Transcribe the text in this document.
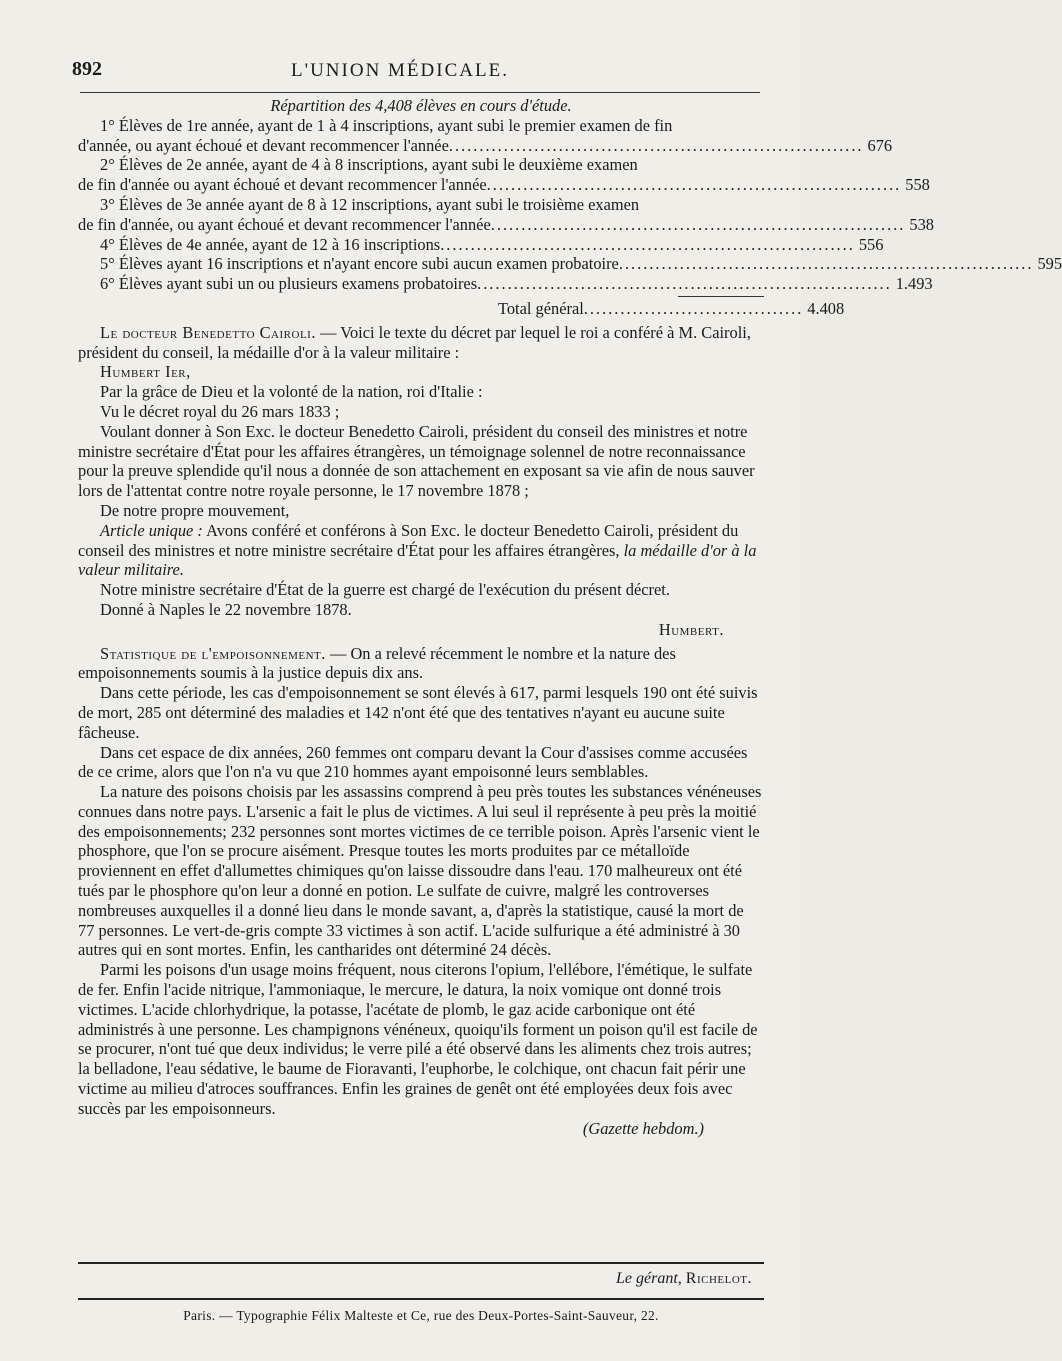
892	L'UNION MÉDICALE.

Répartition des 4,408 élèves en cours d'étude.

1° Élèves de 1re année, ayant de 1 à 4 inscriptions, ayant subi le premier examen de fin

d'année, ou ayant échoué et devant recommencer l'année .................................................................... 676

2° Élèves de 2e année, ayant de 4 à 8 inscriptions, ayant subi le deuxième examen

de fin d'année ou ayant échoué et devant recommencer l'année .................................................................... 558

3° Élèves de 3e année ayant de 8 à 12 inscriptions, ayant subi le troisième examen

de fin d'année, ou ayant échoué et devant recommencer l'année .................................................................... 538
4° Élèves de 4e année, ayant de 12 à 16 inscriptions .................................................................... 556
5° Élèves ayant 16 inscriptions et n'ayant encore subi aucun examen probatoire .................................................................... 595
6° Élèves ayant subi un ou plusieurs examens probatoires .................................................................... 1.493
Total général .................................... 4.408

Le docteur Benedetto Cairoli. — Voici le texte du décret par lequel le roi a conféré à M. Cairoli, président du conseil, la médaille d'or à la valeur militaire :

Humbert Ier,

Par la grâce de Dieu et la volonté de la nation, roi d'Italie :

Vu le décret royal du 26 mars 1833 ;

Voulant donner à Son Exc. le docteur Benedetto Cairoli, président du conseil des ministres et notre ministre secrétaire d'État pour les affaires étrangères, un témoignage solennel de notre reconnaissance pour la preuve splendide qu'il nous a donnée de son attachement en exposant sa vie afin de nous sauver lors de l'attentat contre notre royale personne, le 17 novembre 1878 ;

De notre propre mouvement,

Article unique : Avons conféré et conférons à Son Exc. le docteur Benedetto Cairoli, président du conseil des ministres et notre ministre secrétaire d'État pour les affaires étrangères, la médaille d'or à la valeur militaire.

Notre ministre secrétaire d'État de la guerre est chargé de l'exécution du présent décret.

Donné à Naples le 22 novembre 1878.

Humbert.

Statistique de l'empoisonnement. — On a relevé récemment le nombre et la nature des empoisonnements soumis à la justice depuis dix ans.

Dans cette période, les cas d'empoisonnement se sont élevés à 617, parmi lesquels 190 ont été suivis de mort, 285 ont déterminé des maladies et 142 n'ont été que des tentatives n'ayant eu aucune suite fâcheuse.

Dans cet espace de dix années, 260 femmes ont comparu devant la Cour d'assises comme accusées de ce crime, alors que l'on n'a vu que 210 hommes ayant empoisonné leurs semblables.

La nature des poisons choisis par les assassins comprend à peu près toutes les substances vénéneuses connues dans notre pays. L'arsenic a fait le plus de victimes. A lui seul il représente à peu près la moitié des empoisonnements; 232 personnes sont mortes victimes de ce terrible poison. Après l'arsenic vient le phosphore, que l'on se procure aisément. Presque toutes les morts produites par ce métalloïde proviennent en effet d'allumettes chimiques qu'on laisse dissoudre dans l'eau. 170 malheureux ont été tués par le phosphore qu'on leur a donné en potion. Le sulfate de cuivre, malgré les controverses nombreuses auxquelles il a donné lieu dans le monde savant, a, d'après la statistique, causé la mort de 77 personnes. Le vert-de-gris compte 33 victimes à son actif. L'acide sulfurique a été administré à 30 autres qui en sont mortes. Enfin, les cantharides ont déterminé 24 décès.

Parmi les poisons d'un usage moins fréquent, nous citerons l'opium, l'ellébore, l'émétique, le sulfate de fer. Enfin l'acide nitrique, l'ammoniaque, le mercure, le datura, la noix vomique ont donné trois victimes. L'acide chlorhydrique, la potasse, l'acétate de plomb, le gaz acide carbonique ont été administrés à une personne. Les champignons vénéneux, quoiqu'ils forment un poison qu'il est facile de se procurer, n'ont tué que deux individus; le verre pilé a été observé dans les aliments chez trois autres; la belladone, l'eau sédative, le baume de Fioravanti, l'euphorbe, le colchique, ont chacun fait périr une victime au milieu d'atroces souffrances. Enfin les graines de genêt ont été employées deux fois avec succès par les empoisonneurs.

(Gazette hebdom.)

Le gérant, Richelot.
Paris. — Typographie Félix Malteste et Ce, rue des Deux-Portes-Saint-Sauveur, 22.
